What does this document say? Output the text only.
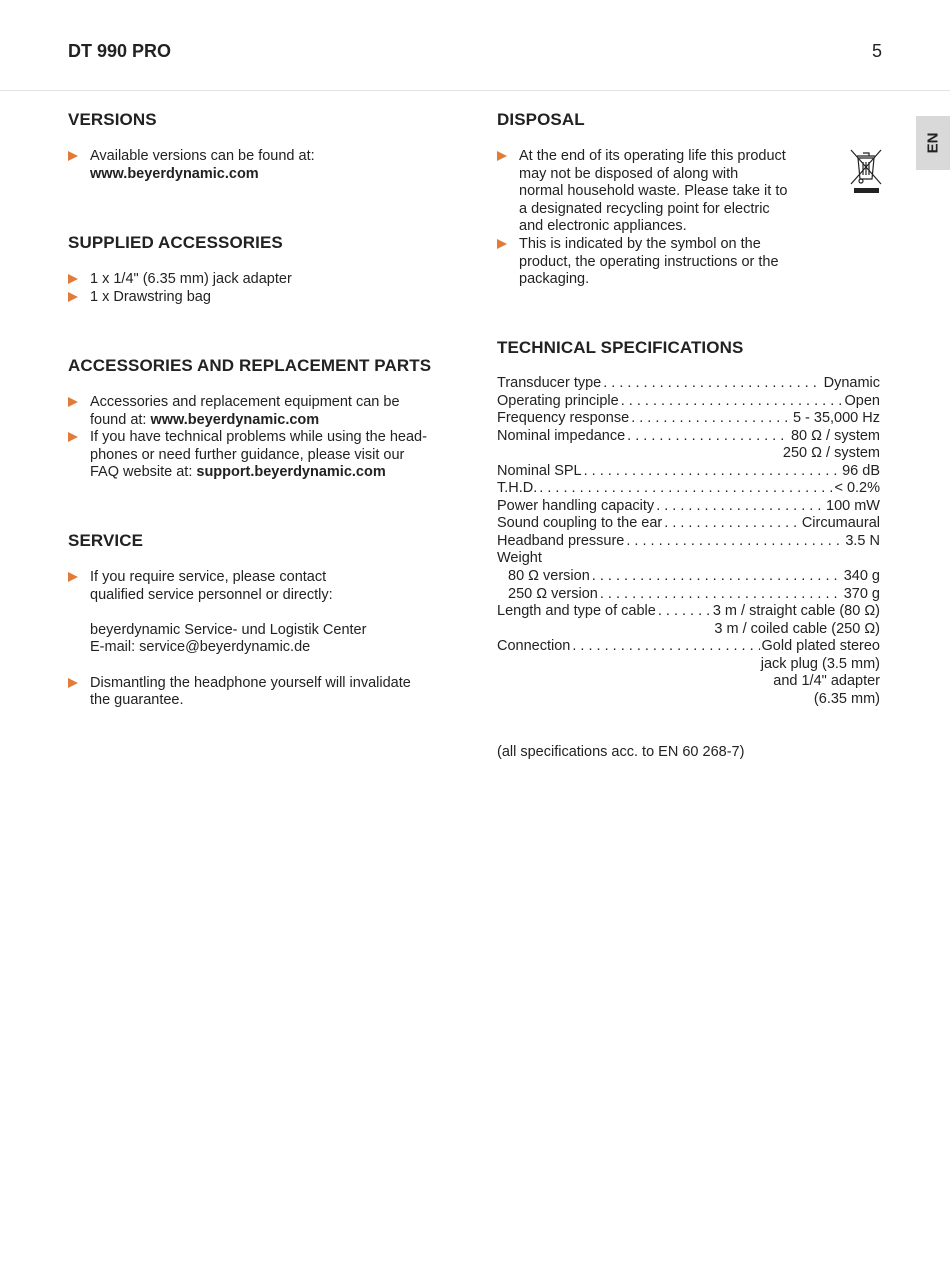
DT 990 PRO	5
EN
VERSIONS
Available versions can be found at:
www.beyerdynamic.com
SUPPLIED ACCESSORIES
1 x 1/4" (6.35 mm) jack adapter
1 x Drawstring bag
ACCESSORIES AND REPLACEMENT PARTS
Accessories and replacement equipment can be
found at: www.beyerdynamic.com
If you have technical problems while using the head-
phones or need further guidance, please visit our
FAQ website at: support.beyerdynamic.com
SERVICE
If you require service, please contact
qualified service personnel or directly:
beyerdynamic Service- und Logistik Center
E-mail: service@beyerdynamic.de
Dismantling the headphone yourself will invalidate
the guarantee.
DISPOSAL
At the end of its operating life this product
may not be disposed of along with
normal household waste. Please take it to
a designated recycling point for electric
and electronic appliances.
This is indicated by the symbol on the
product, the operating instructions or the
packaging.
TECHNICAL SPECIFICATIONS
Transducer type . . .	Dynamic
Operating principle . . .	Open
Frequency response . . .	5 - 35,000 Hz
Nominal impedance . . .	80 Ω / system
250 Ω / system
Nominal SPL . . .	96 dB
T.H.D. . . .	< 0.2%
Power handling capacity . . .	100 mW
Sound coupling to the ear . . .	Circumaural
Headband pressure . . .	3.5 N
Weight
80 Ω version . . .	340 g
250 Ω version . . .	370 g
Length and type of cable . . .	3 m / straight cable (80 Ω)
3 m / coiled cable (250 Ω)
Connection . . .	Gold plated stereo
jack plug (3.5 mm)
and 1/4" adapter
(6.35 mm)
(all specifications acc. to EN 60 268-7)
